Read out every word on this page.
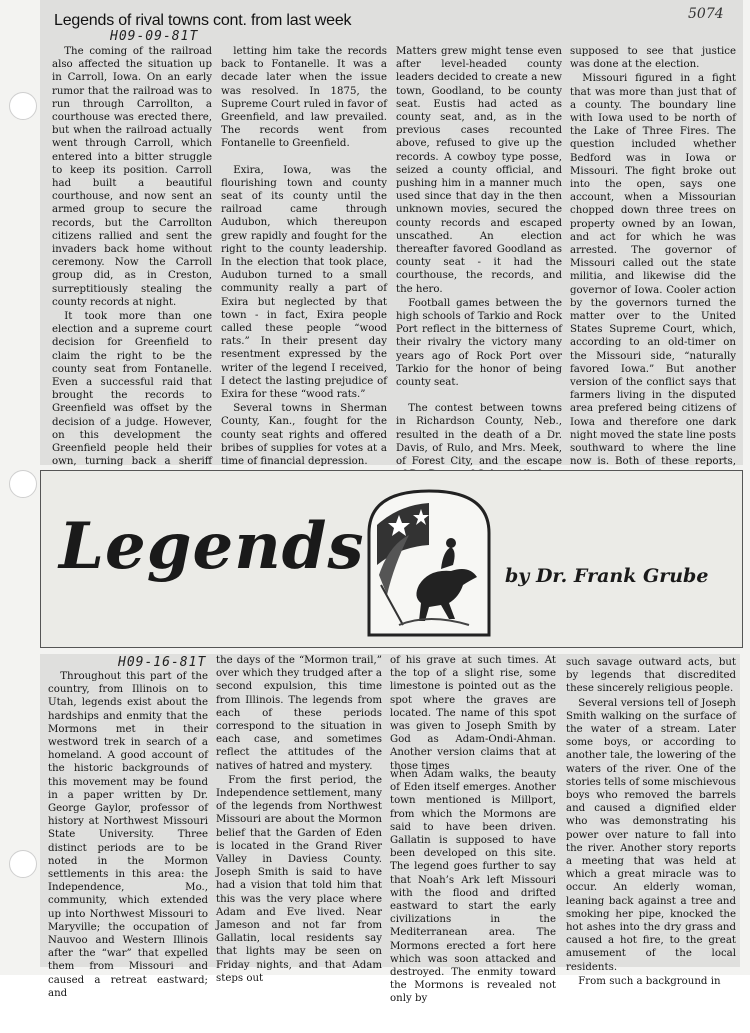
5074
Legends of rival towns cont. from last week
H09-09-81T

The coming of the railroad also affected the situation up in Carroll, Iowa. On an early rumor that the railroad was to run through Carrollton, a courthouse was erected there, but when the railroad actually went through Carroll, which entered into a bitter struggle to keep its position. Carroll had built a beautiful courthouse, and now sent an armed group to secure the records, but the Carrollton citizens rallied and sent the invaders back home without ceremony. Now the Carroll group did, as in Creston, surreptitiously stealing the county records at night.

It took more than one election and a supreme court decision for Greenfield to claim the right to be the county seat from Fontanelle. Even a successful raid that brought the records to Greenfield was offset by the decision of a judge. However, on this development the Greenfield people held their own, turning back a sheriff

letting him take the records back to Fontanelle. It was a decade later when the issue was resolved. In 1875, the Supreme Court ruled in favor of Greenfield, and law prevailed. The records went from Fontanelle to Greenfield.

Exira, Iowa, was the flourishing town and county seat of its county until the railroad came through Audubon, which thereupon grew rapidly and fought for the right to the county leadership. In the election that took place, Audubon turned to a small community really a part of Exira but neglected by that town - in fact, Exira people called these people “wood rats.” In their present day resentment expressed by the writer of the legend I received, I detect the lasting prejudice of Exira for these “wood rats.”

Several towns in Sherman County, Kan., fought for the county seat rights and offered bribes of supplies for votes at a time of financial depression.

Matters grew might tense even after level-headed county leaders decided to create a new town, Goodland, to be county seat. Eustis had acted as county seat, and, as in the previous cases recounted above, refused to give up the records. A cowboy type posse, seized a county official, and pushing him in a manner much used since that day in the then unknown movies, secured the county records and escaped unscathed. An election thereafter favored Goodland as county seat - it had the courthouse, the records, and the hero.

Football games between the high schools of Tarkio and Rock Port reflect in the bitterness of their rivalry the victory many years ago of Rock Port over Tarkio for the honor of being county seat.

The contest between towns in Richardson County, Neb., resulted in the death of a Dr. Davis, of Rulo, and Mrs. Meek, of Forest City, and the escape

supposed to see that justice was done at the election.

Missouri figured in a fight that was more than just that of a county. The boundary line with Iowa used to be north of the Lake of Three Fires. The question included whether Bedford was in Iowa or Missouri. The fight broke out into the open, says one account, when a Missourian chopped down three trees on property owned by an Iowan, and act for which he was arrested. The governor of Missouri called out the state militia, and likewise did the governor of Iowa. Cooler action by the governors turned the matter over to the United States Supreme Court, which, according to an old-timer on the Missouri side, “naturally favored Iowa.” But another version of the conflict says that farmers living in the disputed area prefered being citizens of Iowa and therefore one dark night moved the state line posts southward to where the line now is. Both of these reports,

Legends	by Dr. Frank Grube
H09-16-81T

Throughout this part of the country, from Illinois on to Utah, legends exist about the hardships and enmity that the Mormons met in their westword trek in search of a homeland. A good account of the historic backgrounds of this movement may be found in a paper written by Dr. George Gaylor, professor of history at Northwest Missouri State University. Three distinct periods are to be noted in the Mormon settlements in this area: the Independence, Mo., community, which extended up into Northwest Missouri to Maryville; the occupation of Nauvoo and Western Illinois after the “war” that expelled them from Missouri and caused a retreat eastward; and

the days of the “Mormon trail,” over which they trudged after a second expulsion, this time from Illinois. The legends from each of these periods correspond to the situation in each case, and sometimes reflect the attitudes of the natives of hatred and mystery.

From the first period, the Independence settlement, many of the legends from Northwest Missouri are about the Mormon belief that the Garden of Eden is located in the Grand River Valley in Daviess County. Joseph Smith is said to have had a vision that told him that this was the very place where Adam and Eve lived. Near Jameson and not far from Gallatin, local residents say that lights may be seen on Friday nights, and that Adam steps out

of his grave at such times. At the top of a slight rise, some limestone is pointed out as the spot where the graves are located. The name of this spot was given to Joseph Smith by God as Adam-Ondi-Ahman. Another version claims that at those times

when Adam walks, the beauty of Eden itself emerges. Another town mentioned is Millport, from which the Mormons are said to have been driven. Gallatin is supposed to have been developed on this site. The legend goes further to say that Noah’s Ark left Missouri with the flood and drifted eastward to start the early civilizations in the Mediterranean area. The Mormons erected a fort here which was soon attacked and destroyed. The enmity toward the Mormons is revealed not only by

such savage outward acts, but by legends that discredited these sincerely religious people.

Several versions tell of Joseph Smith walking on the surface of the water of a stream. Later some boys, or according to another tale, the lowering of the waters of the river. One of the stories tells of some mischievous boys who removed the barrels and caused a dignified elder who was demonstrating his power over nature to fall into the river. Another story reports a meeting that was held at which a great miracle was to occur. An elderly woman, leaning back against a tree and smoking her pipe, knocked the hot ashes into the dry grass and caused a hot fire, to the great amusement of the local residents.

From such a background in
